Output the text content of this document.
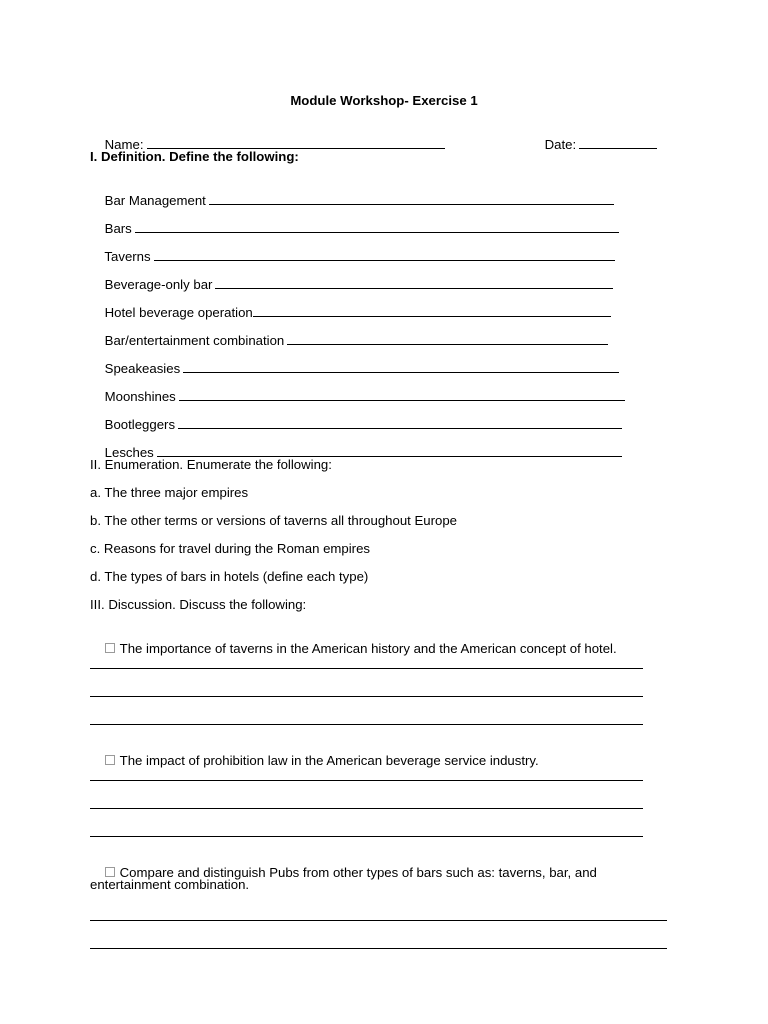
Module Workshop- Exercise 1

Name:
	Date:

I. Definition. Define the following:

Bar Management

Bars

Taverns

Beverage-only bar

Hotel beverage operation

Bar/entertainment combination

Speakeasies

Moonshines

Bootleggers

Lesches

II. Enumeration. Enumerate the following:
a. The three major empires
b. The other terms or versions of taverns all throughout Europe
c. Reasons for travel during the Roman empires
d. The types of bars in hotels (define each type)
III. Discussion. Discuss the following:

The importance of taverns in the American history and the American concept of hotel.

The impact of prohibition law in the American beverage service industry.

Compare and distinguish Pubs from other types of bars such as: taverns, bar, and

entertainment combination.
